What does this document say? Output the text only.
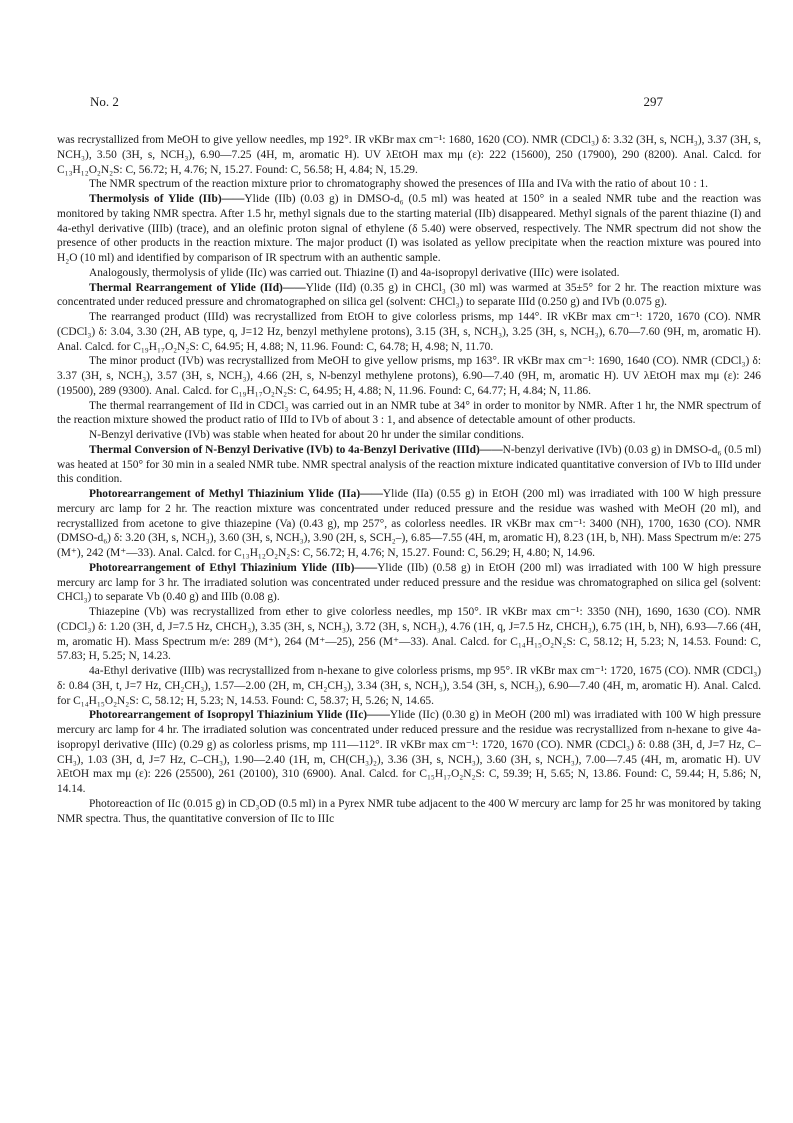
No. 2	297

was recrystallized from MeOH to give yellow needles, mp 192°. IR νKBr max cm⁻¹: 1680, 1620 (CO). NMR (CDCl₃) δ: 3.32 (3H, s, NCH₃), 3.37 (3H, s, NCH₃), 3.50 (3H, s, NCH₃), 6.90—7.25 (4H, m, aromatic H). UV λEtOH max mμ (ε): 222 (15600), 250 (17900), 290 (8200). Anal. Calcd. for C₁₃H₁₂O₂N₂S: C, 56.72; H, 4.76; N, 15.27. Found: C, 56.58; H, 4.84; N, 15.29.

The NMR spectrum of the reaction mixture prior to chromatography showed the presences of IIIa and IVa with the ratio of about 10 : 1.

Thermolysis of Ylide (IIb)——Ylide (IIb) (0.03 g) in DMSO-d₆ (0.5 ml) was heated at 150° in a sealed NMR tube and the reaction was monitored by taking NMR spectra. After 1.5 hr, methyl signals due to the starting material (IIb) disappeared. Methyl signals of the parent thiazine (I) and 4a-ethyl derivative (IIIb) (trace), and an olefinic proton signal of ethylene (δ 5.40) were observed, respectively. The NMR spectrum did not show the presence of other products in the reaction mixture. The major product (I) was isolated as yellow precipitate when the reaction mixture was poured into H₂O (10 ml) and identified by comparison of IR spectrum with an authentic sample.

Analogously, thermolysis of ylide (IIc) was carried out. Thiazine (I) and 4a-isopropyl derivative (IIIc) were isolated.

Thermal Rearrangement of Ylide (IId)——Ylide (IId) (0.35 g) in CHCl₃ (30 ml) was warmed at 35±5° for 2 hr. The reaction mixture was concentrated under reduced pressure and chromatographed on silica gel (solvent: CHCl₃) to separate IIId (0.250 g) and IVb (0.075 g).

The rearranged product (IIId) was recrystallized from EtOH to give colorless prisms, mp 144°. IR νKBr max cm⁻¹: 1720, 1670 (CO). NMR (CDCl₃) δ: 3.04, 3.30 (2H, AB type, q, J=12 Hz, benzyl methylene protons), 3.15 (3H, s, NCH₃), 3.25 (3H, s, NCH₃), 6.70—7.60 (9H, m, aromatic H). Anal. Calcd. for C₁₉H₁₇O₂N₂S: C, 64.95; H, 4.88; N, 11.96. Found: C, 64.78; H, 4.98; N, 11.70.

The minor product (IVb) was recrystallized from MeOH to give yellow prisms, mp 163°. IR νKBr max cm⁻¹: 1690, 1640 (CO). NMR (CDCl₃) δ: 3.37 (3H, s, NCH₃), 3.57 (3H, s, NCH₃), 4.66 (2H, s, N-benzyl methylene protons), 6.90—7.40 (9H, m, aromatic H). UV λEtOH max mμ (ε): 246 (19500), 289 (9300). Anal. Calcd. for C₁₉H₁₇O₂N₂S: C, 64.95; H, 4.88; N, 11.96. Found: C, 64.77; H, 4.84; N, 11.86.

The thermal rearrangement of IId in CDCl₃ was carried out in an NMR tube at 34° in order to monitor by NMR. After 1 hr, the NMR spectrum of the reaction mixture showed the product ratio of IIId to IVb of about 3 : 1, and absence of detectable amount of other products.

N-Benzyl derivative (IVb) was stable when heated for about 20 hr under the similar conditions.

Thermal Conversion of N-Benzyl Derivative (IVb) to 4a-Benzyl Derivative (IIId)——N-benzyl derivative (IVb) (0.03 g) in DMSO-d₆ (0.5 ml) was heated at 150° for 30 min in a sealed NMR tube. NMR spectral analysis of the reaction mixture indicated quantitative conversion of IVb to IIId under this condition.

Photorearrangement of Methyl Thiazinium Ylide (IIa)——Ylide (IIa) (0.55 g) in EtOH (200 ml) was irradiated with 100 W high pressure mercury arc lamp for 2 hr. The reaction mixture was concentrated under reduced pressure and the residue was washed with MeOH (20 ml), and recrystallized from acetone to give thiazepine (Va) (0.43 g), mp 257°, as colorless needles. IR νKBr max cm⁻¹: 3400 (NH), 1700, 1630 (CO). NMR (DMSO-d₆) δ: 3.20 (3H, s, NCH₃), 3.60 (3H, s, NCH₃), 3.90 (2H, s, SCH₂–), 6.85—7.55 (4H, m, aromatic H), 8.23 (1H, b, NH). Mass Spectrum m/e: 275 (M⁺), 242 (M⁺—33). Anal. Calcd. for C₁₃H₁₂O₂N₂S: C, 56.72; H, 4.76; N, 15.27. Found: C, 56.29; H, 4.80; N, 14.96.

Photorearrangement of Ethyl Thiazinium Ylide (IIb)——Ylide (IIb) (0.58 g) in EtOH (200 ml) was irradiated with 100 W high pressure mercury arc lamp for 3 hr. The irradiated solution was concentrated under reduced pressure and the residue was chromatographed on silica gel (solvent: CHCl₃) to separate Vb (0.40 g) and IIIb (0.08 g).

Thiazepine (Vb) was recrystallized from ether to give colorless needles, mp 150°. IR νKBr max cm⁻¹: 3350 (NH), 1690, 1630 (CO). NMR (CDCl₃) δ: 1.20 (3H, d, J=7.5 Hz, CHCH₃), 3.35 (3H, s, NCH₃), 3.72 (3H, s, NCH₃), 4.76 (1H, q, J=7.5 Hz, CHCH₃), 6.75 (1H, b, NH), 6.93—7.66 (4H, m, aromatic H). Mass Spectrum m/e: 289 (M⁺), 264 (M⁺—25), 256 (M⁺—33). Anal. Calcd. for C₁₄H₁₅O₂N₂S: C, 58.12; H, 5.23; N, 14.53. Found: C, 57.83; H, 5.25; N, 14.23.

4a-Ethyl derivative (IIIb) was recrystallized from n-hexane to give colorless prisms, mp 95°. IR νKBr max cm⁻¹: 1720, 1675 (CO). NMR (CDCl₃) δ: 0.84 (3H, t, J=7 Hz, CH₂CH₃), 1.57—2.00 (2H, m, CH₂CH₃), 3.34 (3H, s, NCH₃), 3.54 (3H, s, NCH₃), 6.90—7.40 (4H, m, aromatic H). Anal. Calcd. for C₁₄H₁₅O₂N₂S: C, 58.12; H, 5.23; N, 14.53. Found: C, 58.37; H, 5.26; N, 14.65.

Photorearrangement of Isopropyl Thiazinium Ylide (IIc)——Ylide (IIc) (0.30 g) in MeOH (200 ml) was irradiated with 100 W high pressure mercury arc lamp for 4 hr. The irradiated solution was concentrated under reduced pressure and the residue was recrystallized from n-hexane to give 4a-isopropyl derivative (IIIc) (0.29 g) as colorless prisms, mp 111—112°. IR νKBr max cm⁻¹: 1720, 1670 (CO). NMR (CDCl₃) δ: 0.88 (3H, d, J=7 Hz, C–CH₃), 1.03 (3H, d, J=7 Hz, C–CH₃), 1.90—2.40 (1H, m, CH(CH₃)₂), 3.36 (3H, s, NCH₃), 3.60 (3H, s, NCH₃), 7.00—7.45 (4H, m, aromatic H). UV λEtOH max mμ (ε): 226 (25500), 261 (20100), 310 (6900). Anal. Calcd. for C₁₅H₁₇O₂N₂S: C, 59.39; H, 5.65; N, 13.86. Found: C, 59.44; H, 5.86; N, 14.14.

Photoreaction of IIc (0.015 g) in CD₃OD (0.5 ml) in a Pyrex NMR tube adjacent to the 400 W mercury arc lamp for 25 hr was monitored by taking NMR spectra. Thus, the quantitative conversion of IIc to IIIc
